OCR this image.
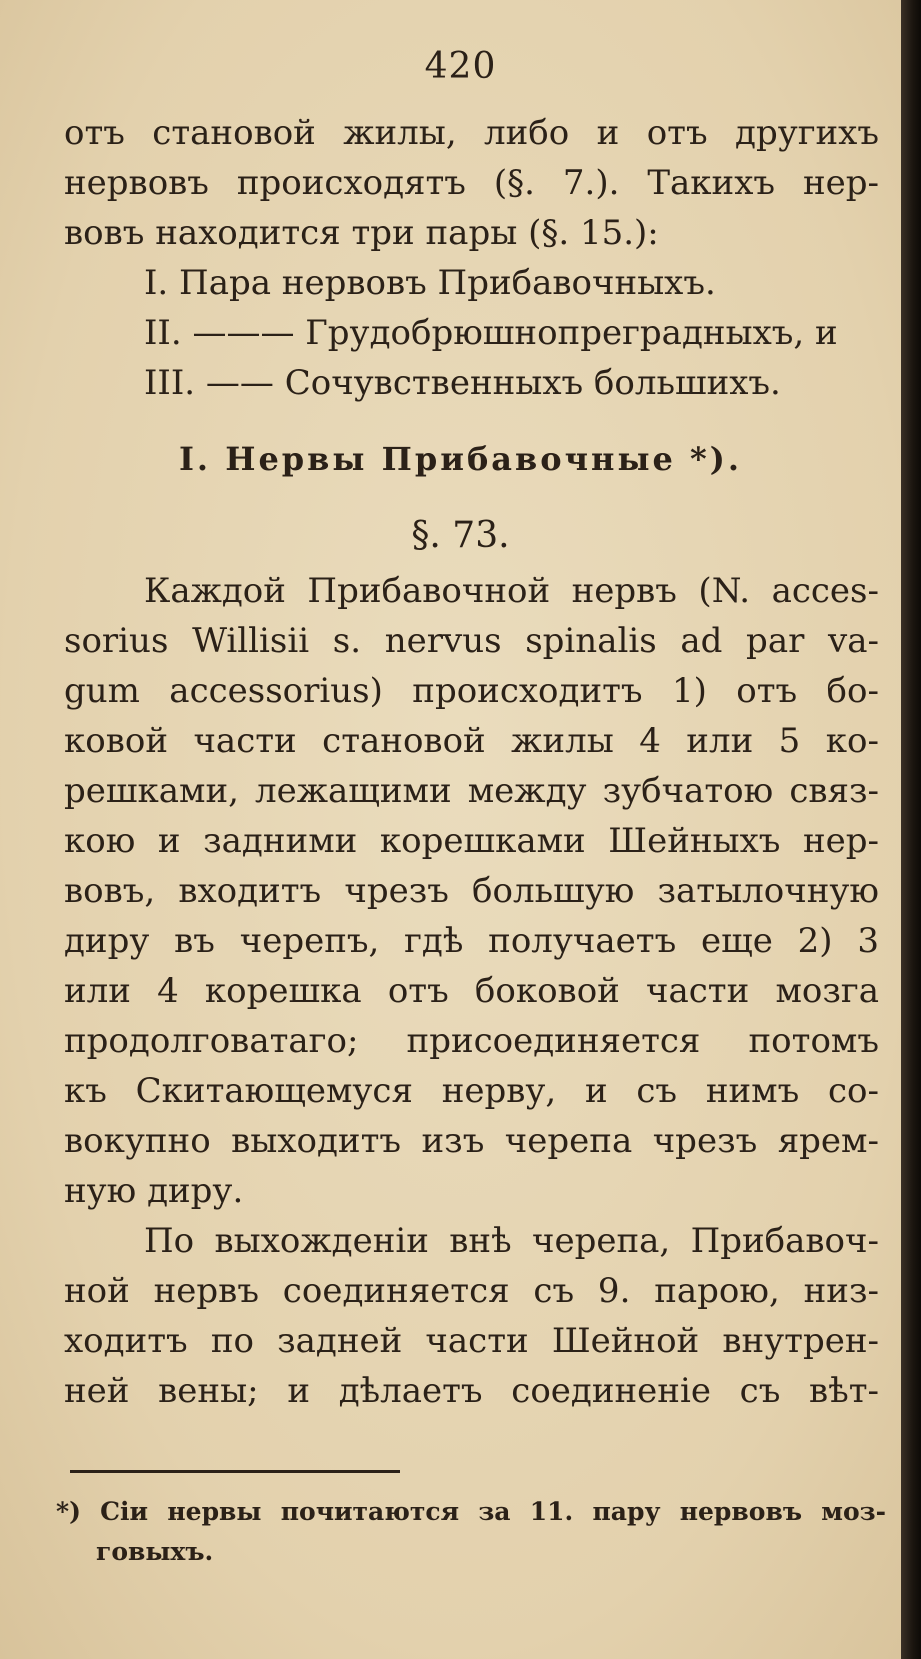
420
отъ становой жилы, либо и отъ другихъ
нервовъ происходятъ (§. 7.). Такихъ нер-
вовъ находится три пары (§. 15.):
I. Пара нервовъ Прибавочныхъ.
II. ——— Грудобрюшнопреградныхъ, и
III. —— Сочувственныхъ большихъ.
I. Нервы Прибавочные *).
§. 73.
Каждой Прибавочной нервъ (N. acces-
sorius Willisii s. nervus spinalis ad par va-
gum accessorius) происходитъ 1) отъ бо-
ковой части становой жилы 4 или 5 ко-
решками, лежащими между зубчатою связ-
кою и задними корешками Шейныхъ нер-
вовъ, входитъ чрезъ большую затылочную
диру въ черепъ, гдѣ получаетъ еще 2) 3
или 4 корешка отъ боковой части мозга
продолговатаго; присоединяется потомъ
къ Скитающемуся нерву, и съ нимъ со-
вокупно выходитъ изъ черепа чрезъ ярем-
ную диру.
По выхожденіи внѣ черепа, Прибавоч-
ной нервъ соединяется съ 9. парою, низ-
ходитъ по задней части Шейной внутрен-
ней вены; и дѣлаетъ соединеніе съ вѣт-
*) Сіи нервы почитаются за 11. пару нервовъ моз-
говыхъ.
